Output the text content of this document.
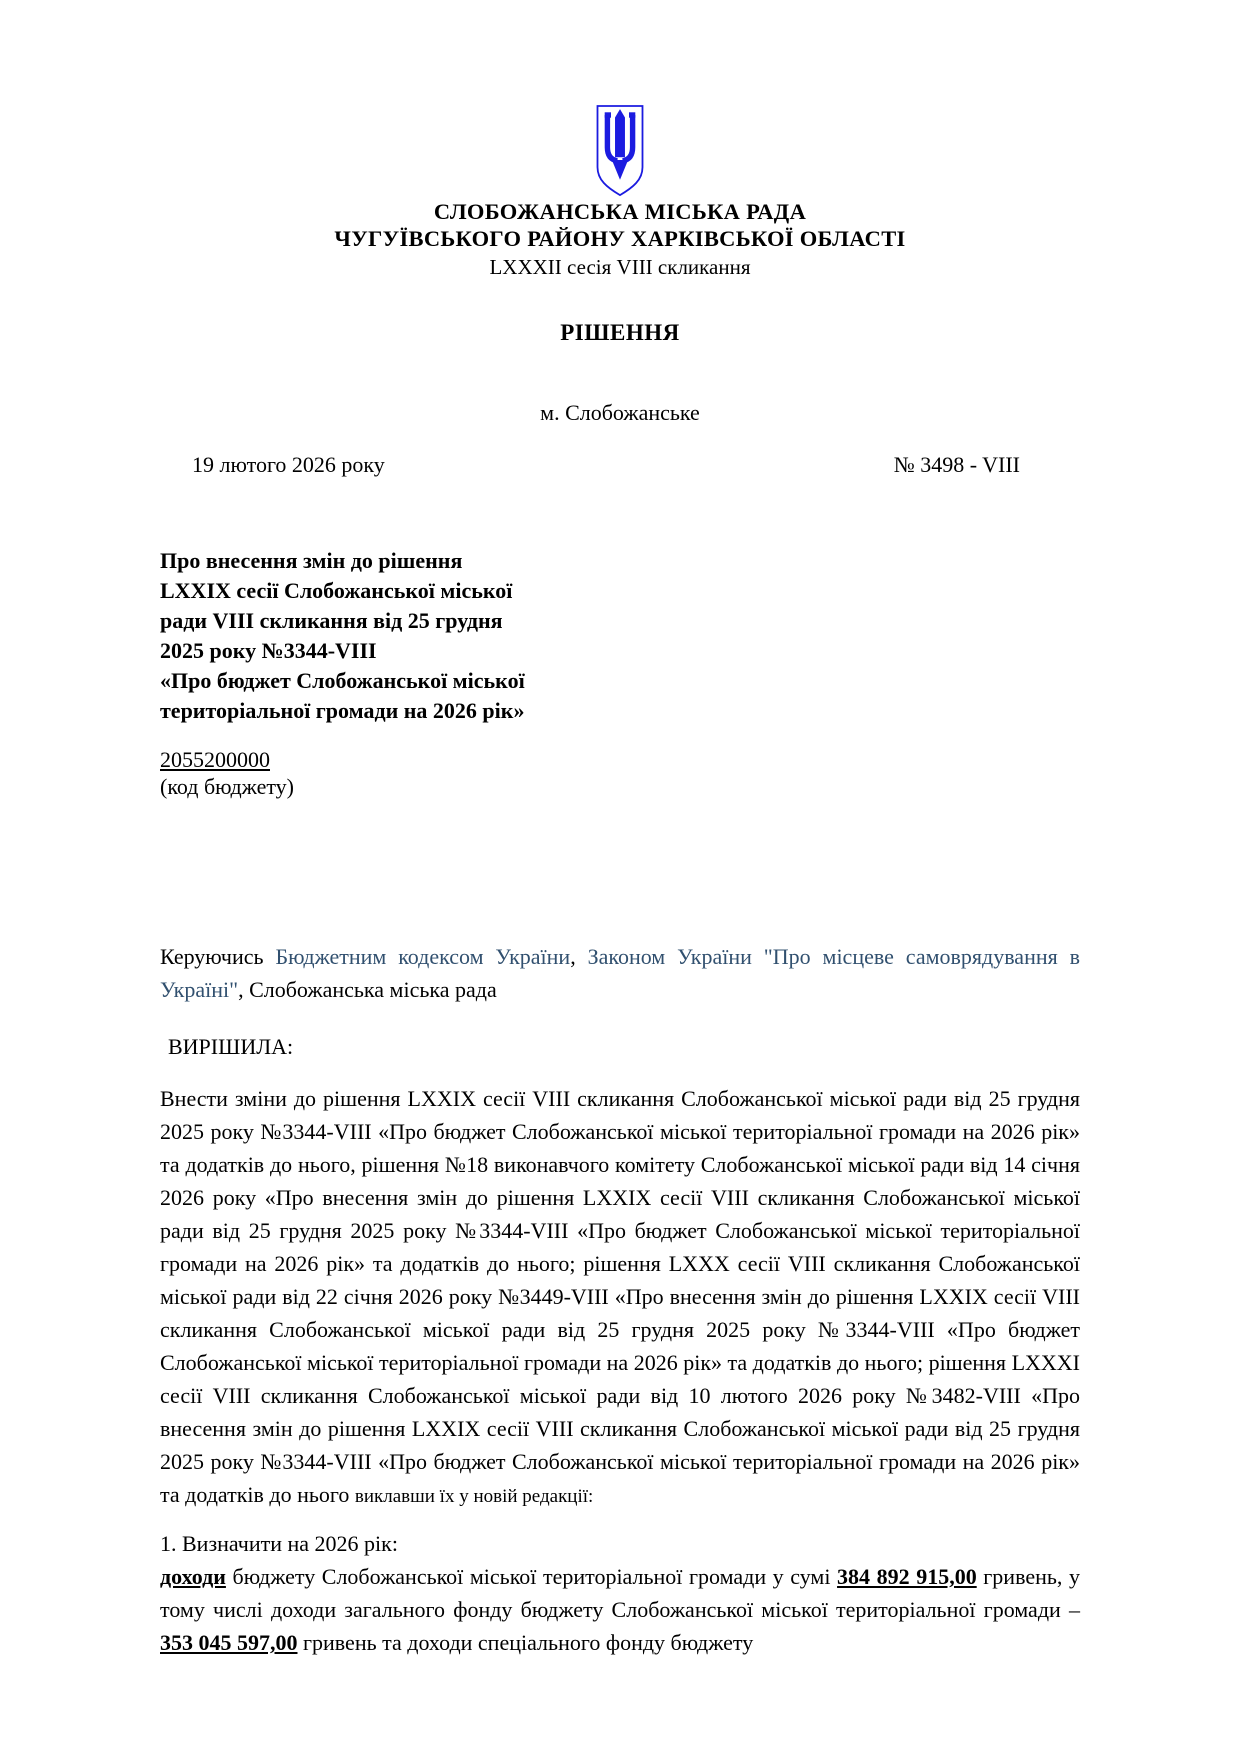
СЛОБОЖАНСЬКА МІСЬКА РАДА
ЧУГУЇВСЬКОГО РАЙОНУ ХАРКІВСЬКОЇ ОБЛАСТІ
LXXXII сесія VIII скликання
РІШЕННЯ
м. Слобожанське
19 лютого 2026 року	№ 3498 - VIII
Про внесення змін до рішення
LXXIX сесії Слобожанської міської
ради VIII скликання від 25 грудня
2025 року №3344-VIII
«Про бюджет Слобожанської міської
територіальної громади на 2026 рік»
2055200000
(код бюджету)
Керуючись Бюджетним кодексом України, Законом України "Про місцеве самоврядування в Україні", Слобожанська міська рада
ВИРІШИЛА:
Внести зміни до рішення LXXIX сесії VIII скликання Слобожанської міської ради від 25 грудня 2025 року №3344-VIII «Про бюджет Слобожанської міської територіальної громади на 2026 рік» та додатків до нього, рішення №18 виконавчого комітету Слобожанської міської ради від 14 січня 2026 року «Про внесення змін до рішення LXXIX сесії VIII скликання Слобожанської міської ради від 25 грудня 2025 року №3344-VIII «Про бюджет Слобожанської міської територіальної громади на 2026 рік» та додатків до нього; рішення LXXX сесії VIII скликання Слобожанської міської ради від 22 січня 2026 року №3449-VIII «Про внесення змін до рішення LXXIX сесії VIII скликання Слобожанської міської ради від 25 грудня 2025 року №3344-VIII «Про бюджет Слобожанської міської територіальної громади на 2026 рік» та додатків до нього; рішення LXXXI сесії VIII скликання Слобожанської міської ради від 10 лютого 2026 року №3482-VIII «Про внесення змін до рішення LXXIX сесії VIII скликання Слобожанської міської ради від 25 грудня 2025 року №3344-VIII «Про бюджет Слобожанської міської територіальної громади на 2026 рік» та додатків до нього виклавши їх у новій редакції:
1. Визначити на 2026 рік:
доходи бюджету Слобожанської міської територіальної громади у сумі 384 892 915,00 гривень, у тому числі доходи загального фонду бюджету Слобожанської міської територіальної громади – 353 045 597,00 гривень та доходи спеціального фонду бюджету
